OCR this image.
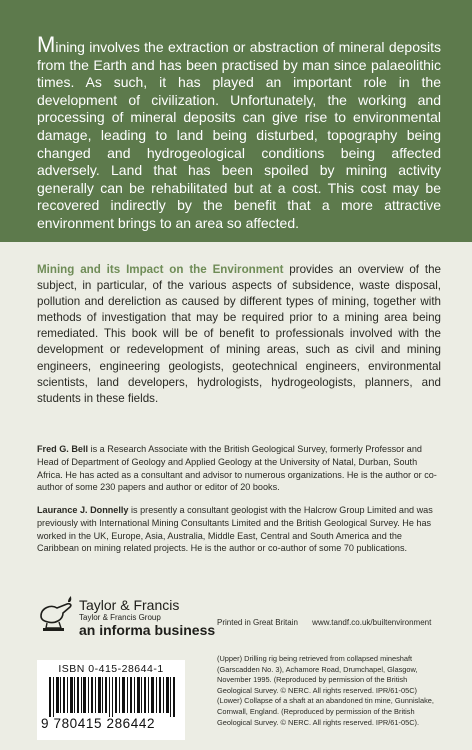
Mining involves the extraction or abstraction of mineral deposits from the Earth and has been practised by man since palaeolithic times. As such, it has played an important role in the development of civilization. Unfortunately, the working and processing of mineral deposits can give rise to environmental damage, leading to land being disturbed, topography being changed and hydrogeological conditions being affected adversely. Land that has been spoiled by mining activity generally can be rehabilitated but at a cost. This cost may be recovered indirectly by the benefit that a more attractive environment brings to an area so affected.

Mining and its Impact on the Environment provides an overview of the subject, in particular, of the various aspects of subsidence, waste disposal, pollution and dereliction as caused by different types of mining, together with methods of investigation that may be required prior to a mining area being remediated. This book will be of benefit to professionals involved with the development or redevelopment of mining areas, such as civil and mining engineers, engineering geologists, geotechnical engineers, environmental scientists, land developers, hydrologists, hydrogeologists, planners, and students in these fields.

Fred G. Bell is a Research Associate with the British Geological Survey, formerly Professor and Head of Department of Geology and Applied Geology at the University of Natal, Durban, South Africa. He has acted as a consultant and advisor to numerous organizations. He is the author or co-author of some 230 papers and author or editor of 20 books.

Laurance J. Donnelly is presently a consultant geologist with the Halcrow Group Limited and was previously with International Mining Consultants Limited and the British Geological Survey. He has worked in the UK, Europe, Asia, Australia, Middle East, Central and South America and the Caribbean on mining related projects. He is the author or co-author of some 70 publications.

Taylor & Francis
Taylor & Francis Group
an informa business Printed in Great Britain www.tandf.co.uk/builtenvironment
ISBN 0-415-28644-1
9 780415 286442

(Upper) Drilling rig being retrieved from collapsed mineshaft (Garscadden No. 3), Achamore Road, Drumchapel, Glasgow, November 1995. (Reproduced by permission of the British Geological Survey. © NERC. All rights reserved. IPR/61-05C)

(Lower) Collapse of a shaft at an abandoned tin mine, Gunnislake, Cornwall, England. (Reproduced by permission of the British Geological Survey. © NERC. All rights reserved. IPR/61-05C).
